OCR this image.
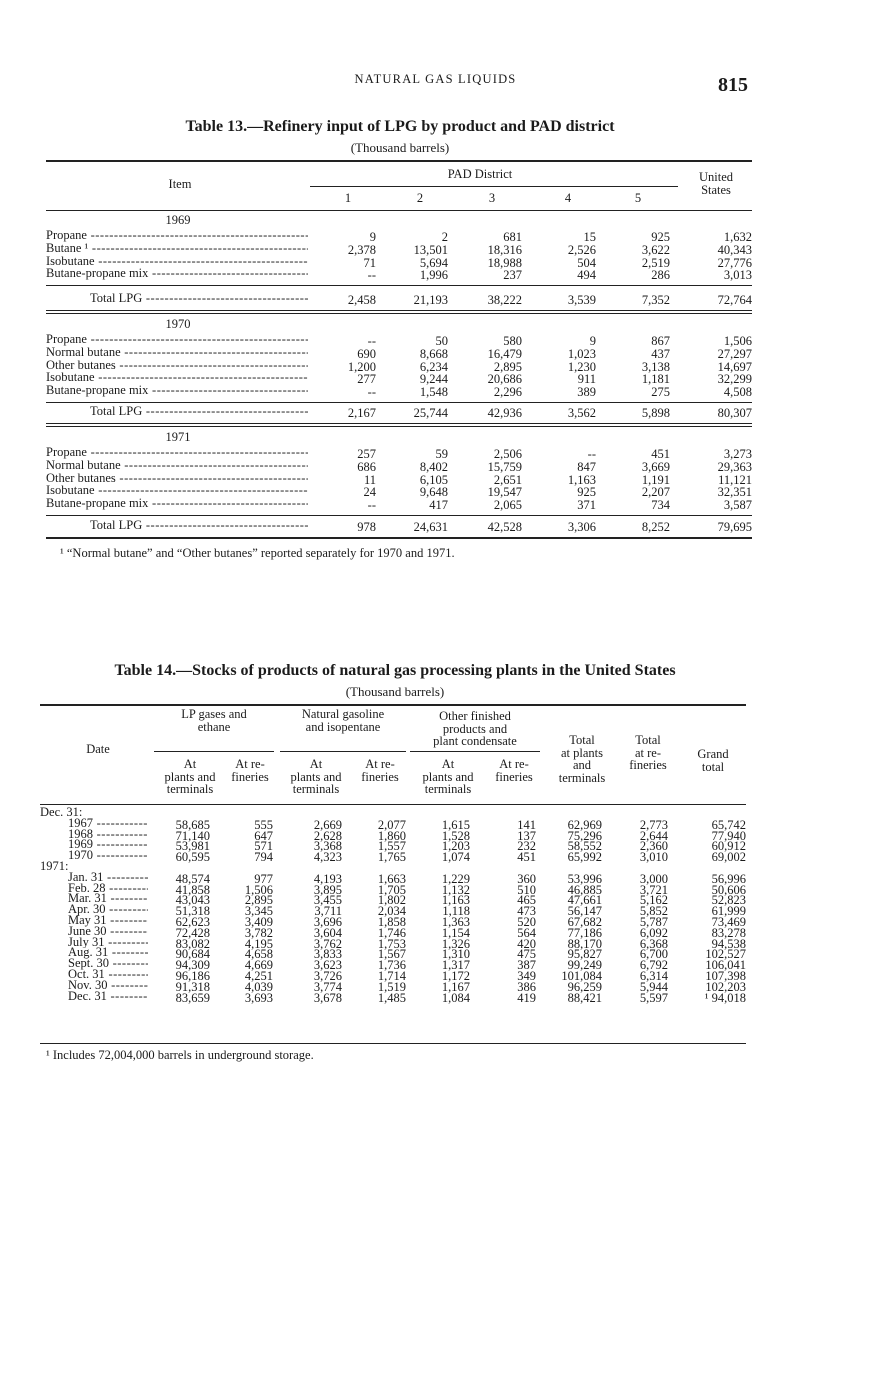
NATURAL GAS LIQUIDS	815
Table 13.—Refinery input of LPG by product and PAD district
(Thousand barrels)
Item
PAD District	United
States
1	2	3	4	5
1969
Propane -----	9	2	681	15	925	1,632
Butane ¹ -----	2,378	13,501	18,316	2,526	3,622	40,343
Isobutane -----	71	5,694	18,988	504	2,519	27,776
Butane-propane mix -----	--	1,996	237	494	286	3,013
Total LPG -----	2,458	21,193	38,222	3,539	7,352	72,764
1970
Propane -----	--	50	580	9	867	1,506
Normal butane -----	690	8,668	16,479	1,023	437	27,297
Other butanes -----	1,200	6,234	2,895	1,230	3,138	14,697
Isobutane -----	277	9,244	20,686	911	1,181	32,299
Butane-propane mix -----	--	1,548	2,296	389	275	4,508
Total LPG -----	2,167	25,744	42,936	3,562	5,898	80,307
1971
Propane -----	257	59	2,506	--	451	3,273
Normal butane -----	686	8,402	15,759	847	3,669	29,363
Other butanes -----	11	6,105	2,651	1,163	1,191	11,121
Isobutane -----	24	9,648	19,547	925	2,207	32,351
Butane-propane mix -----	--	417	2,065	371	734	3,587
Total LPG -----	978	24,631	42,528	3,306	8,252	79,695
¹ “Normal butane” and “Other butanes” reported separately for 1970 and 1971.
Table 14.—Stocks of products of natural gas processing plants in the United States
(Thousand barrels)
Date
LP gases and
ethane
Natural gasoline
and isopentane
Other finished
products and
plant condensate
At
plants and
terminals
At re-
fineries
At
plants and
terminals
At re-
fineries
At
plants and
terminals
At re-
fineries
Total
at plants
and
terminals
Total
at re-
fineries
Grand
total
Dec. 31:
1967 -----	58,685	555	2,669	2,077	1,615	141	62,969	2,773	65,742
1968 -----	71,140	647	2,628	1,860	1,528	137	75,296	2,644	77,940
1969 -----	53,981	571	3,368	1,557	1,203	232	58,552	2,360	60,912
1970 -----	60,595	794	4,323	1,765	1,074	451	65,992	3,010	69,002
1971:
Jan. 31 -----	48,574	977	4,193	1,663	1,229	360	53,996	3,000	56,996
Feb. 28 -----	41,858	1,506	3,895	1,705	1,132	510	46,885	3,721	50,606
Mar. 31 -----	43,043	2,895	3,455	1,802	1,163	465	47,661	5,162	52,823
Apr. 30 -----	51,318	3,345	3,711	2,034	1,118	473	56,147	5,852	61,999
May 31 -----	62,623	3,409	3,696	1,858	1,363	520	67,682	5,787	73,469
June 30 -----	72,428	3,782	3,604	1,746	1,154	564	77,186	6,092	83,278
July 31 -----	83,082	4,195	3,762	1,753	1,326	420	88,170	6,368	94,538
Aug. 31 -----	90,684	4,658	3,833	1,567	1,310	475	95,827	6,700	102,527
Sept. 30 -----	94,309	4,669	3,623	1,736	1,317	387	99,249	6,792	106,041
Oct. 31 -----	96,186	4,251	3,726	1,714	1,172	349	101,084	6,314	107,398
Nov. 30 -----	91,318	4,039	3,774	1,519	1,167	386	96,259	5,944	102,203
Dec. 31 -----	83,659	3,693	3,678	1,485	1,084	419	88,421	5,597	¹ 94,018
¹ Includes 72,004,000 barrels in underground storage.
